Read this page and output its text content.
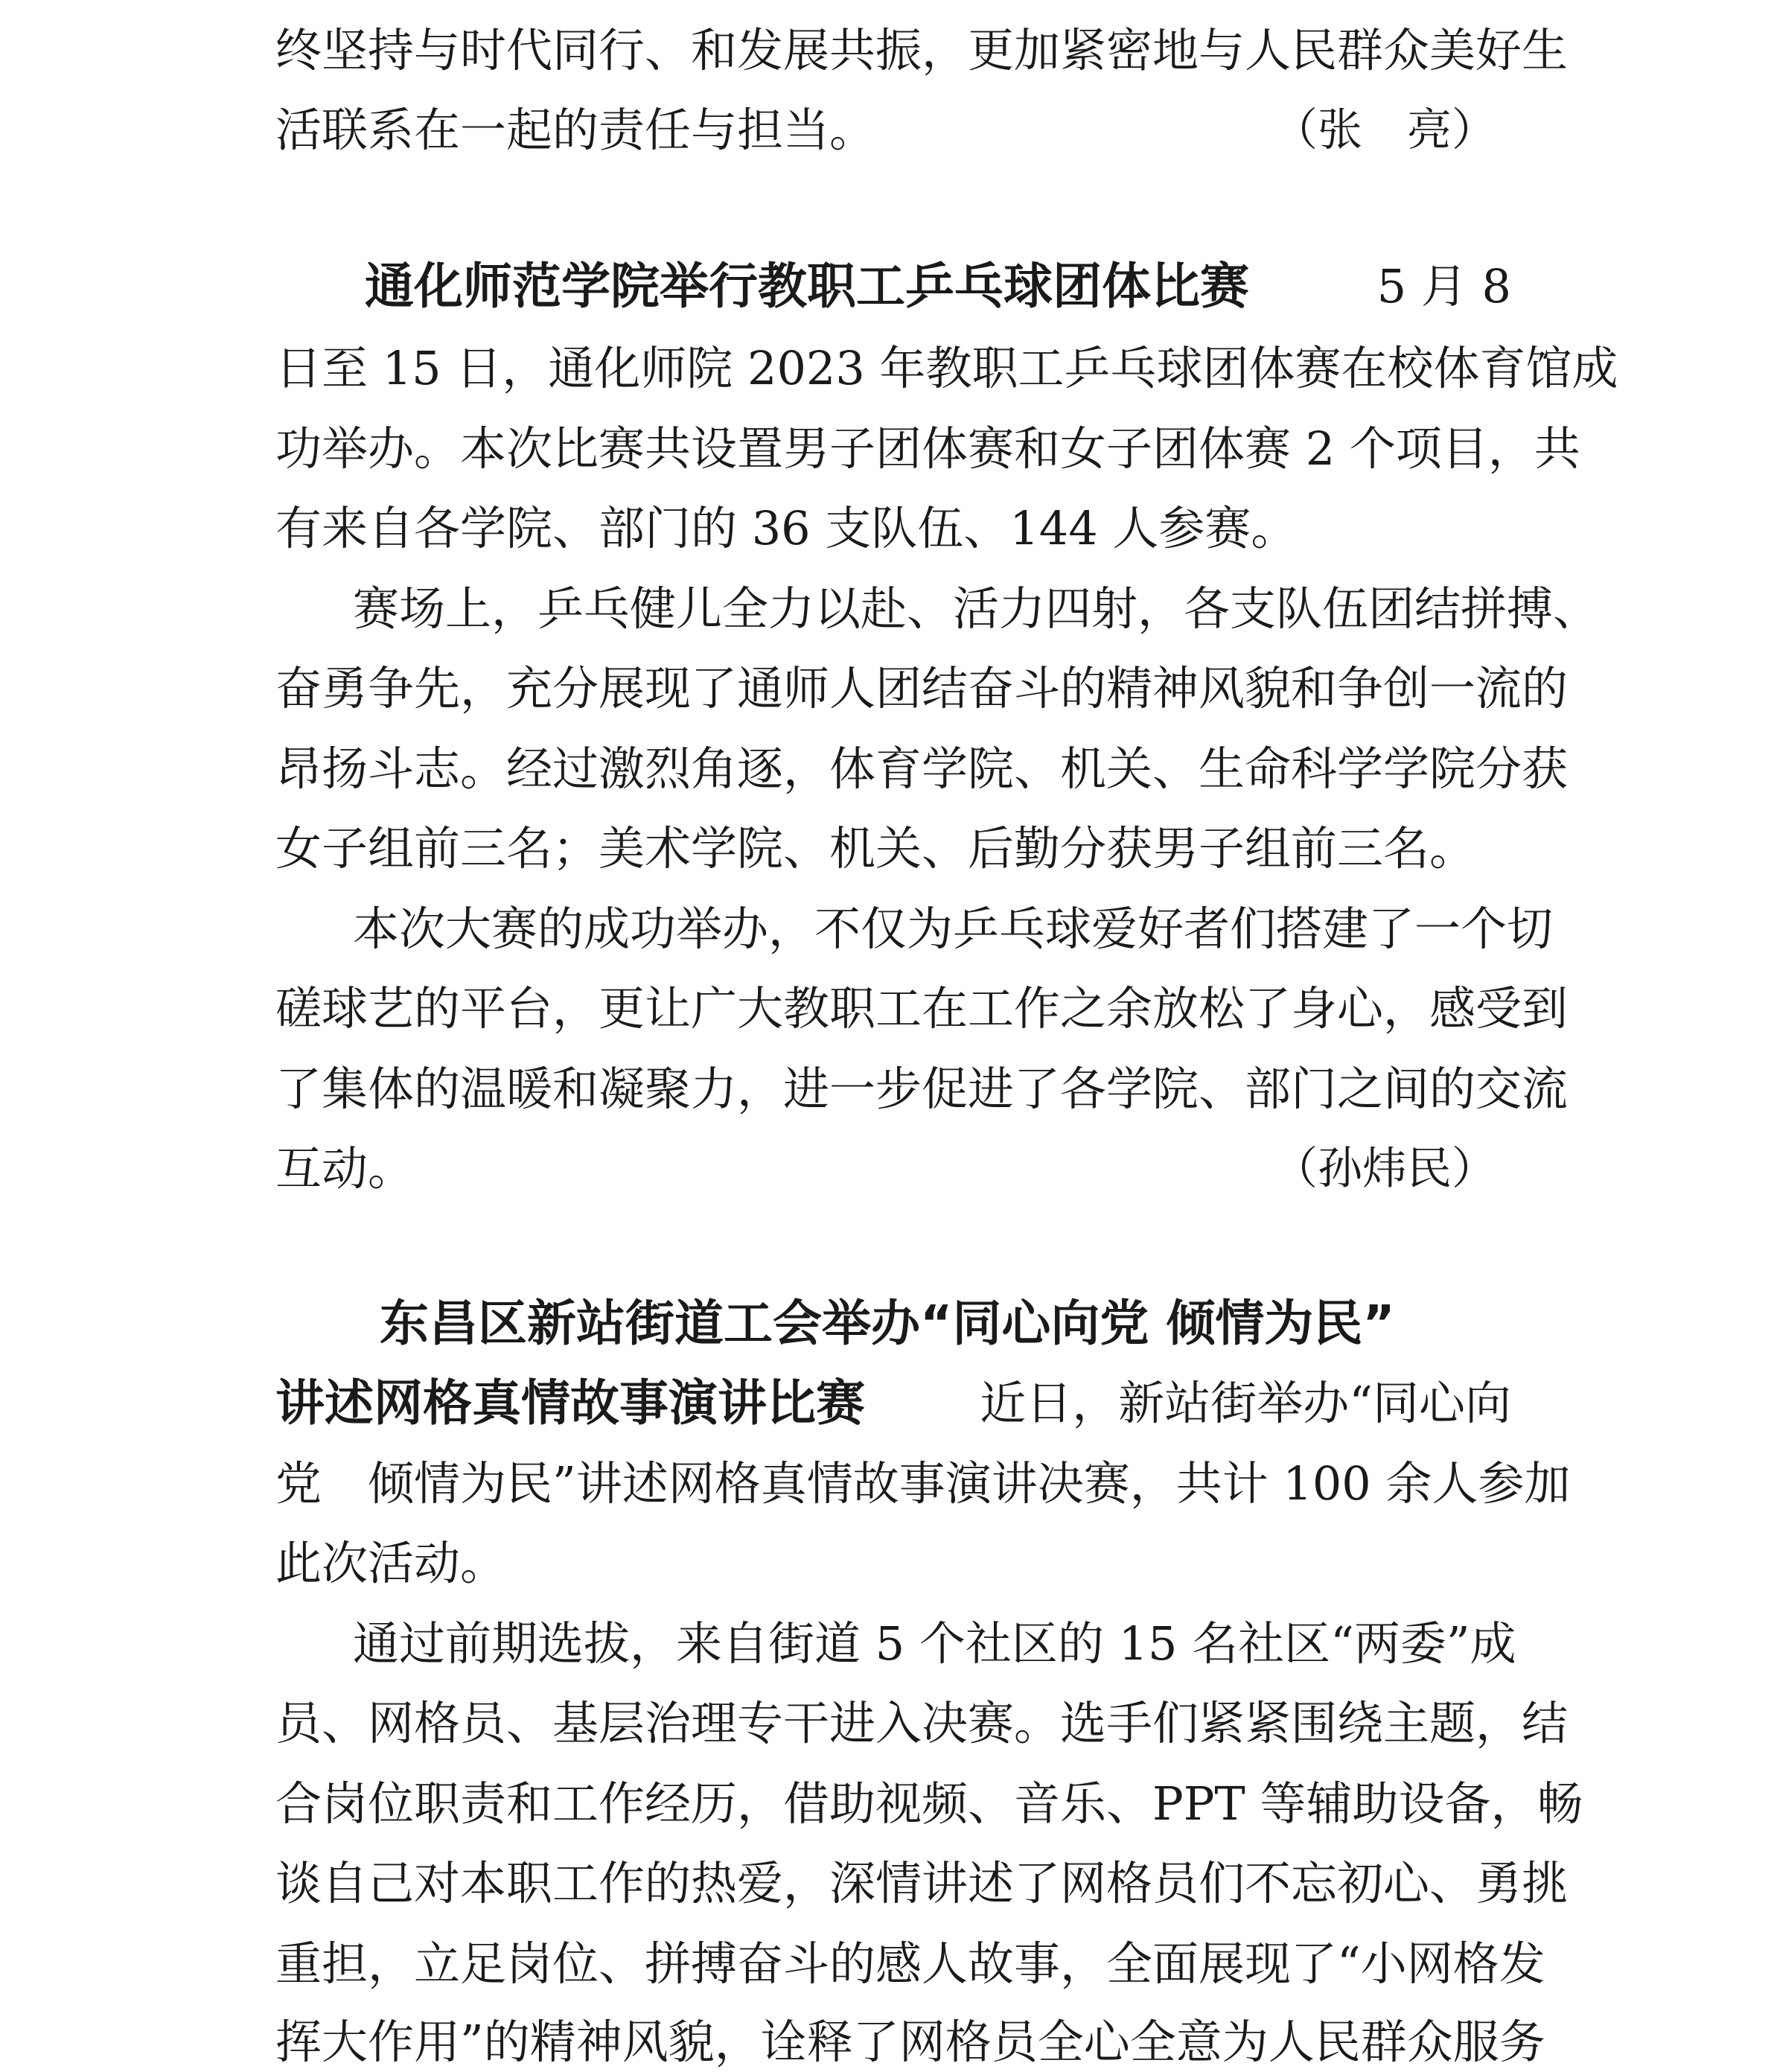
终坚持与时代同行、和发展共振，更加紧密地与人民群众美好生
活联系在一起的责任与担当。	（张　亮）
通化师范学院举行教职工乒乓球团体比赛	5 月 8
日至 15 日，通化师院 2023 年教职工乒乓球团体赛在校体育馆成
功举办。本次比赛共设置男子团体赛和女子团体赛 2 个项目，共
有来自各学院、部门的 36 支队伍、144 人参赛。
赛场上，乒乓健儿全力以赴、活力四射，各支队伍团结拼搏、
奋勇争先，充分展现了通师人团结奋斗的精神风貌和争创一流的
昂扬斗志。经过激烈角逐，体育学院、机关、生命科学学院分获
女子组前三名；美术学院、机关、后勤分获男子组前三名。
本次大赛的成功举办，不仅为乒乓球爱好者们搭建了一个切
磋球艺的平台，更让广大教职工在工作之余放松了身心，感受到
了集体的温暖和凝聚力，进一步促进了各学院、部门之间的交流
互动。	（孙炜民）
东昌区新站街道工会举办“同心向党 倾情为民”
讲述网格真情故事演讲比赛 近日，新站街举办“同心向
党　倾情为民”讲述网格真情故事演讲决赛，共计 100 余人参加
此次活动。
通过前期选拔，来自街道 5 个社区的 15 名社区“两委”成
员、网格员、基层治理专干进入决赛。选手们紧紧围绕主题，结
合岗位职责和工作经历，借助视频、音乐、PPT 等辅助设备，畅
谈自己对本职工作的热爱，深情讲述了网格员们不忘初心、勇挑
重担，立足岗位、拼搏奋斗的感人故事，全面展现了“小网格发
挥大作用”的精神风貌，诠释了网格员全心全意为人民群众服务
